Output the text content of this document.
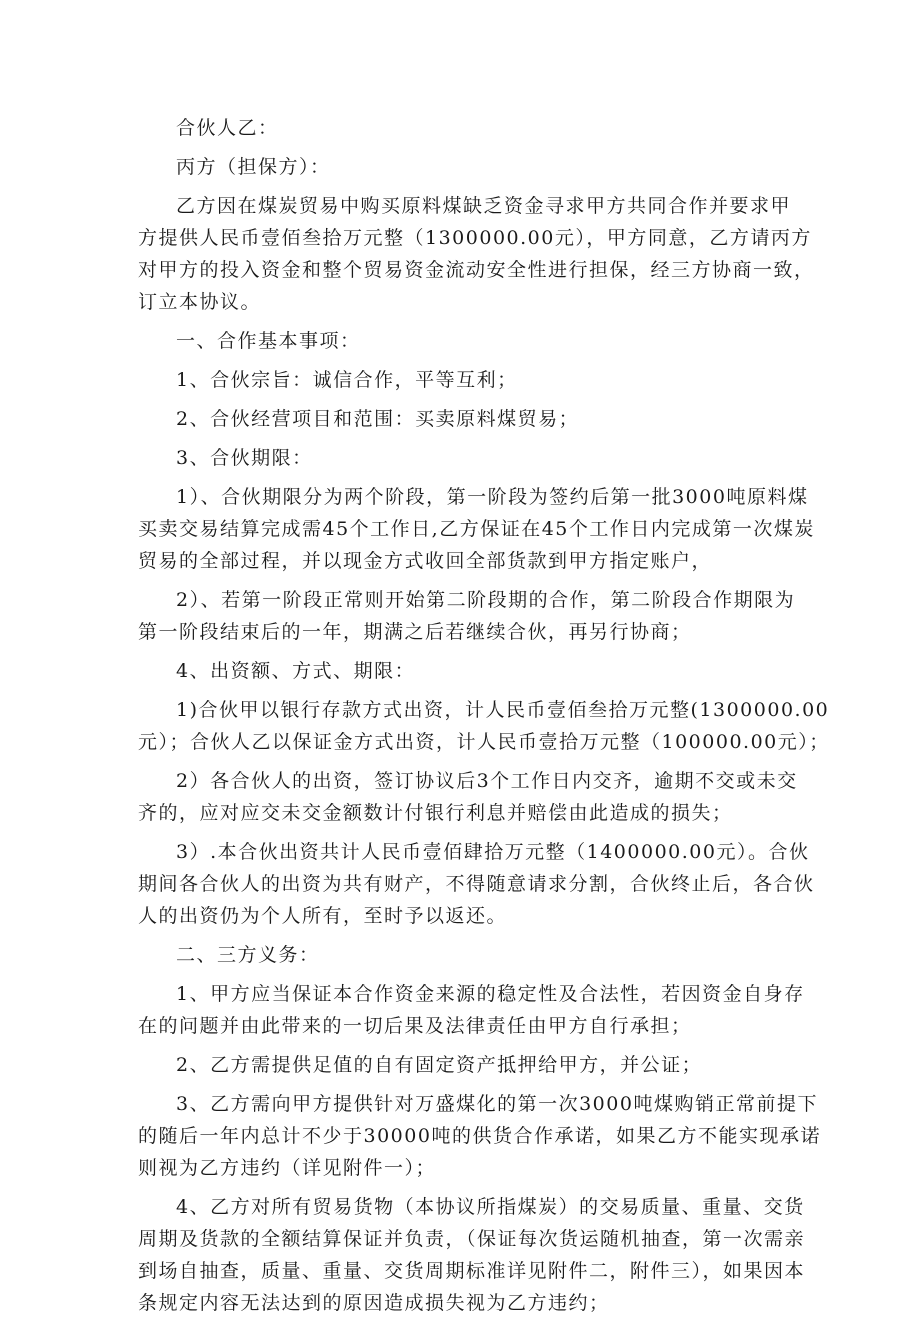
合伙人乙：
丙方（担保方）：
乙方因在煤炭贸易中购买原料煤缺乏资金寻求甲方共同合作并要求甲
方提供人民币壹佰叁拾万元整（1300000.00元），甲方同意，乙方请丙方
对甲方的投入资金和整个贸易资金流动安全性进行担保，经三方协商一致，
订立本协议。
一、合作基本事项：
1、合伙宗旨：诚信合作，平等互利；
2、合伙经营项目和范围：买卖原料煤贸易；
3、合伙期限：
1）、合伙期限分为两个阶段，第一阶段为签约后第一批3000吨原料煤
买卖交易结算完成需45个工作日,乙方保证在45个工作日内完成第一次煤炭
贸易的全部过程，并以现金方式收回全部货款到甲方指定账户，
2）、若第一阶段正常则开始第二阶段期的合作，第二阶段合作期限为
第一阶段结束后的一年，期满之后若继续合伙，再另行协商；
4、出资额、方式、期限：
1)合伙甲以银行存款方式出资，计人民币壹佰叁拾万元整(1300000.00
元）；合伙人乙以保证金方式出资，计人民币壹拾万元整（100000.00元）；
2）各合伙人的出资，签订协议后3个工作日内交齐，逾期不交或未交
齐的，应对应交未交金额数计付银行利息并赔偿由此造成的损失；
3）.本合伙出资共计人民币壹佰肆拾万元整（1400000.00元）。合伙
期间各合伙人的出资为共有财产，不得随意请求分割，合伙终止后，各合伙
人的出资仍为个人所有，至时予以返还。
二、三方义务：
1、甲方应当保证本合作资金来源的稳定性及合法性，若因资金自身存
在的问题并由此带来的一切后果及法律责任由甲方自行承担；
2、乙方需提供足值的自有固定资产抵押给甲方，并公证；
3、乙方需向甲方提供针对万盛煤化的第一次3000吨煤购销正常前提下
的随后一年内总计不少于30000吨的供货合作承诺，如果乙方不能实现承诺
则视为乙方违约（详见附件一）；
4、乙方对所有贸易货物（本协议所指煤炭）的交易质量、重量、交货
周期及货款的全额结算保证并负责，（保证每次货运随机抽查，第一次需亲
到场自抽查，质量、重量、交货周期标准详见附件二，附件三），如果因本
条规定内容无法达到的原因造成损失视为乙方违约；
